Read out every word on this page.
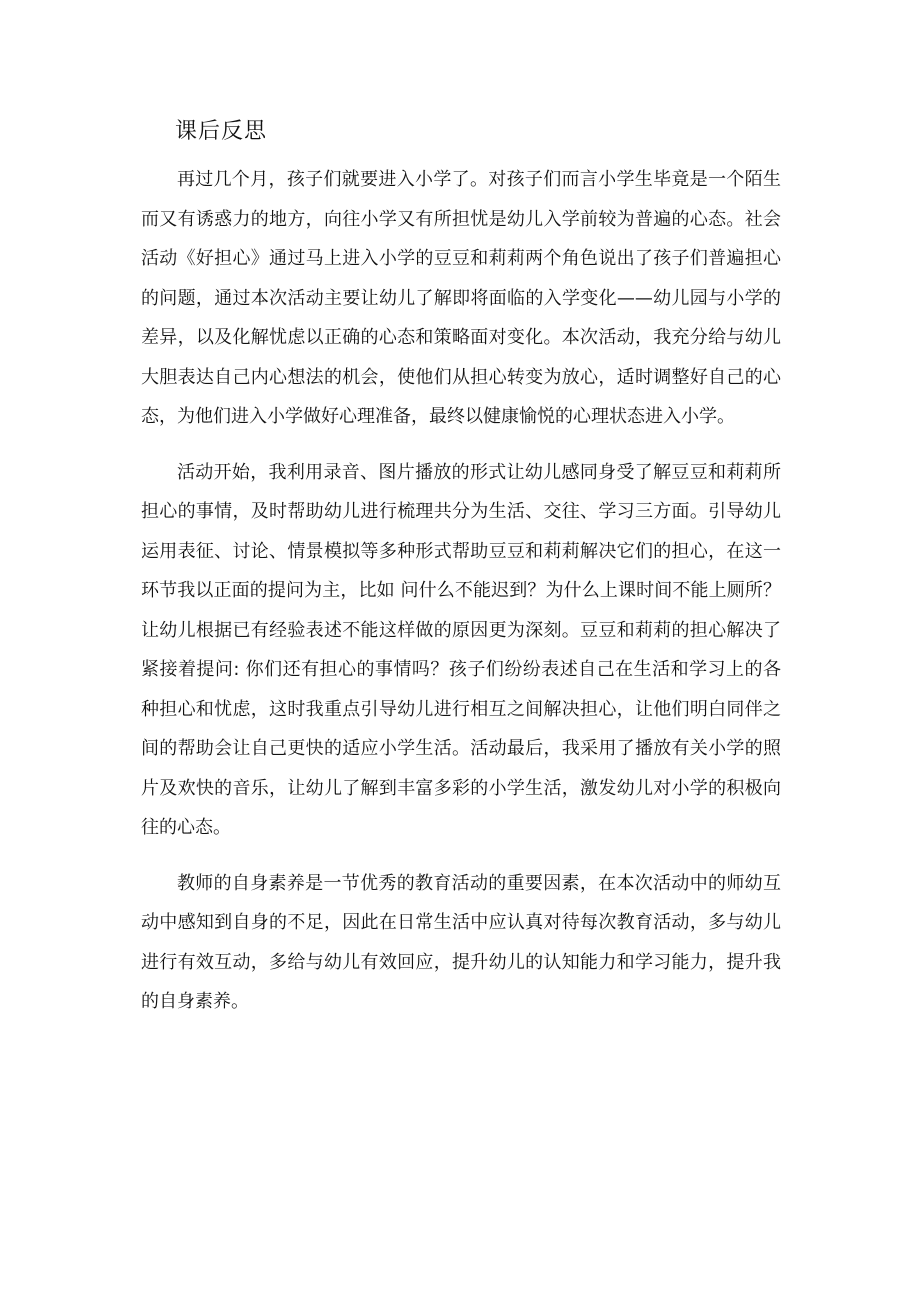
课后反思

再过几个月，孩子们就要进入小学了。对孩子们而言小学生毕竟是一个陌生而又有诱惑力的地方，向往小学又有所担忧是幼儿入学前较为普遍的心态。社会活动《好担心》通过马上进入小学的豆豆和莉莉两个角色说出了孩子们普遍担心的问题，通过本次活动主要让幼儿了解即将面临的入学变化——幼儿园与小学的差异，以及化解忧虑以正确的心态和策略面对变化。本次活动，我充分给与幼儿大胆表达自己内心想法的机会，使他们从担心转变为放心，适时调整好自己的心态，为他们进入小学做好心理准备，最终以健康愉悦的心理状态进入小学。

活动开始，我利用录音、图片播放的形式让幼儿感同身受了解豆豆和莉莉所担心的事情，及时帮助幼儿进行梳理共分为生活、交往、学习三方面。引导幼儿运用表征、讨论、情景模拟等多种形式帮助豆豆和莉莉解决它们的担心，在这一环节我以正面的提问为主，比如 问什么不能迟到？为什么上课时间不能上厕所？让幼儿根据已有经验表述不能这样做的原因更为深刻。豆豆和莉莉的担心解决了紧接着提问: 你们还有担心的事情吗？孩子们纷纷表述自己在生活和学习上的各种担心和忧虑，这时我重点引导幼儿进行相互之间解决担心，让他们明白同伴之间的帮助会让自己更快的适应小学生活。活动最后，我采用了播放有关小学的照片及欢快的音乐，让幼儿了解到丰富多彩的小学生活，激发幼儿对小学的积极向往的心态。

教师的自身素养是一节优秀的教育活动的重要因素，在本次活动中的师幼互动中感知到自身的不足，因此在日常生活中应认真对待每次教育活动，多与幼儿进行有效互动，多给与幼儿有效回应，提升幼儿的认知能力和学习能力，提升我的自身素养。
